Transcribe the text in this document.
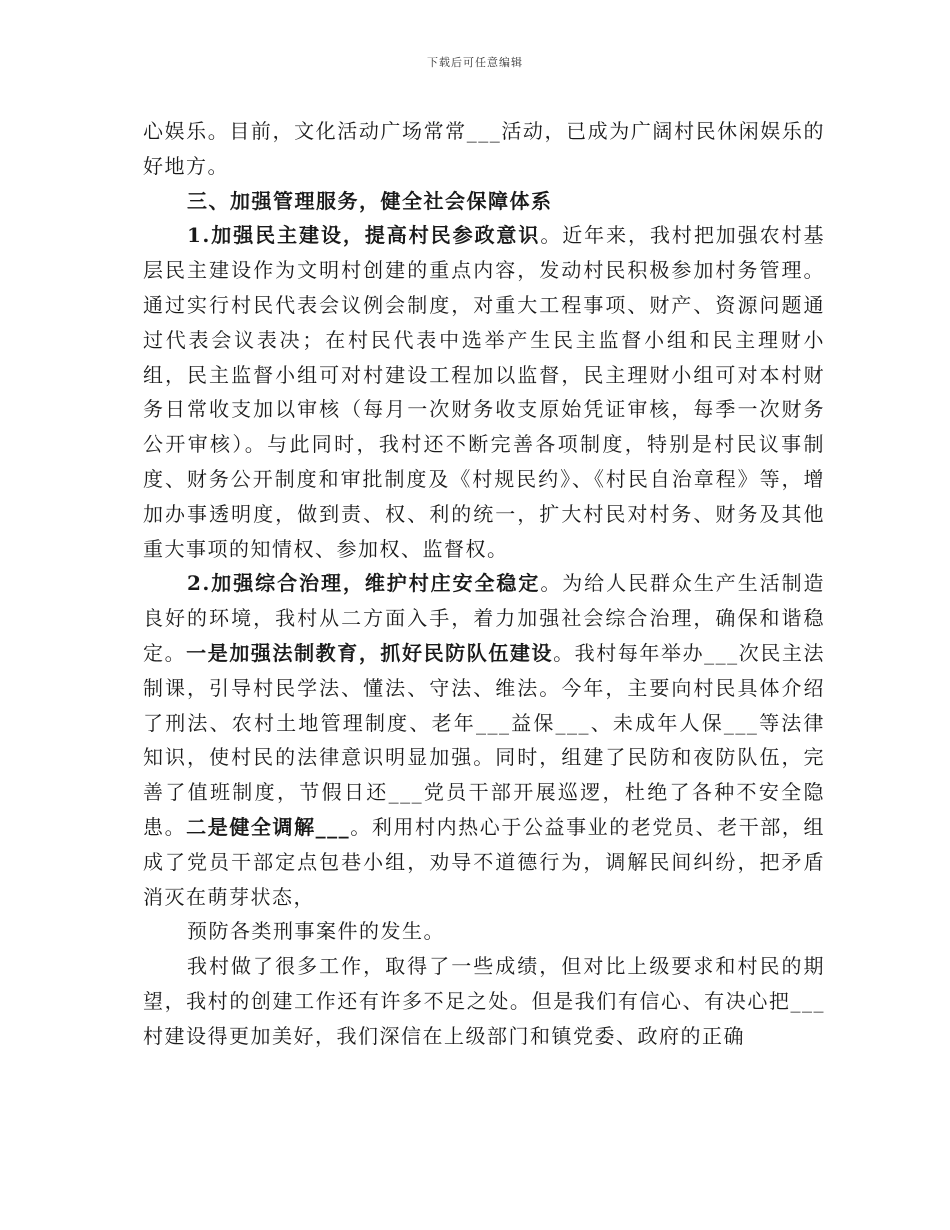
下载后可任意编辑

心娱乐。目前，文化活动广场常常___活动，已成为广阔村民休闲娱乐的好地方。

三、加强管理服务，健全社会保障体系

1.加强民主建设，提高村民参政意识。近年来，我村把加强农村基层民主建设作为文明村创建的重点内容，发动村民积极参加村务管理。通过实行村民代表会议例会制度，对重大工程事项、财产、资源问题通过代表会议表决；在村民代表中选举产生民主监督小组和民主理财小组，民主监督小组可对村建设工程加以监督，民主理财小组可对本村财务日常收支加以审核（每月一次财务收支原始凭证审核，每季一次财务公开审核）。与此同时，我村还不断完善各项制度，特别是村民议事制度、财务公开制度和审批制度及《村规民约》、《村民自治章程》等，增加办事透明度，做到责、权、利的统一，扩大村民对村务、财务及其他重大事项的知情权、参加权、监督权。

2.加强综合治理，维护村庄安全稳定。为给人民群众生产生活制造良好的环境，我村从二方面入手，着力加强社会综合治理，确保和谐稳定。一是加强法制教育，抓好民防队伍建设。我村每年举办___次民主法制课，引导村民学法、懂法、守法、维法。今年，主要向村民具体介绍了刑法、农村土地管理制度、老年___益保___、未成年人保___等法律知识，使村民的法律意识明显加强。同时，组建了民防和夜防队伍，完善了值班制度，节假日还___党员干部开展巡逻，杜绝了各种不安全隐患。二是健全调解___。利用村内热心于公益事业的老党员、老干部，组成了党员干部定点包巷小组，劝导不道德行为，调解民间纠纷，把矛盾消灭在萌芽状态，

预防各类刑事案件的发生。

我村做了很多工作，取得了一些成绩，但对比上级要求和村民的期望，我村的创建工作还有许多不足之处。但是我们有信心、有决心把___村建设得更加美好，我们深信在上级部门和镇党委、政府的正确
